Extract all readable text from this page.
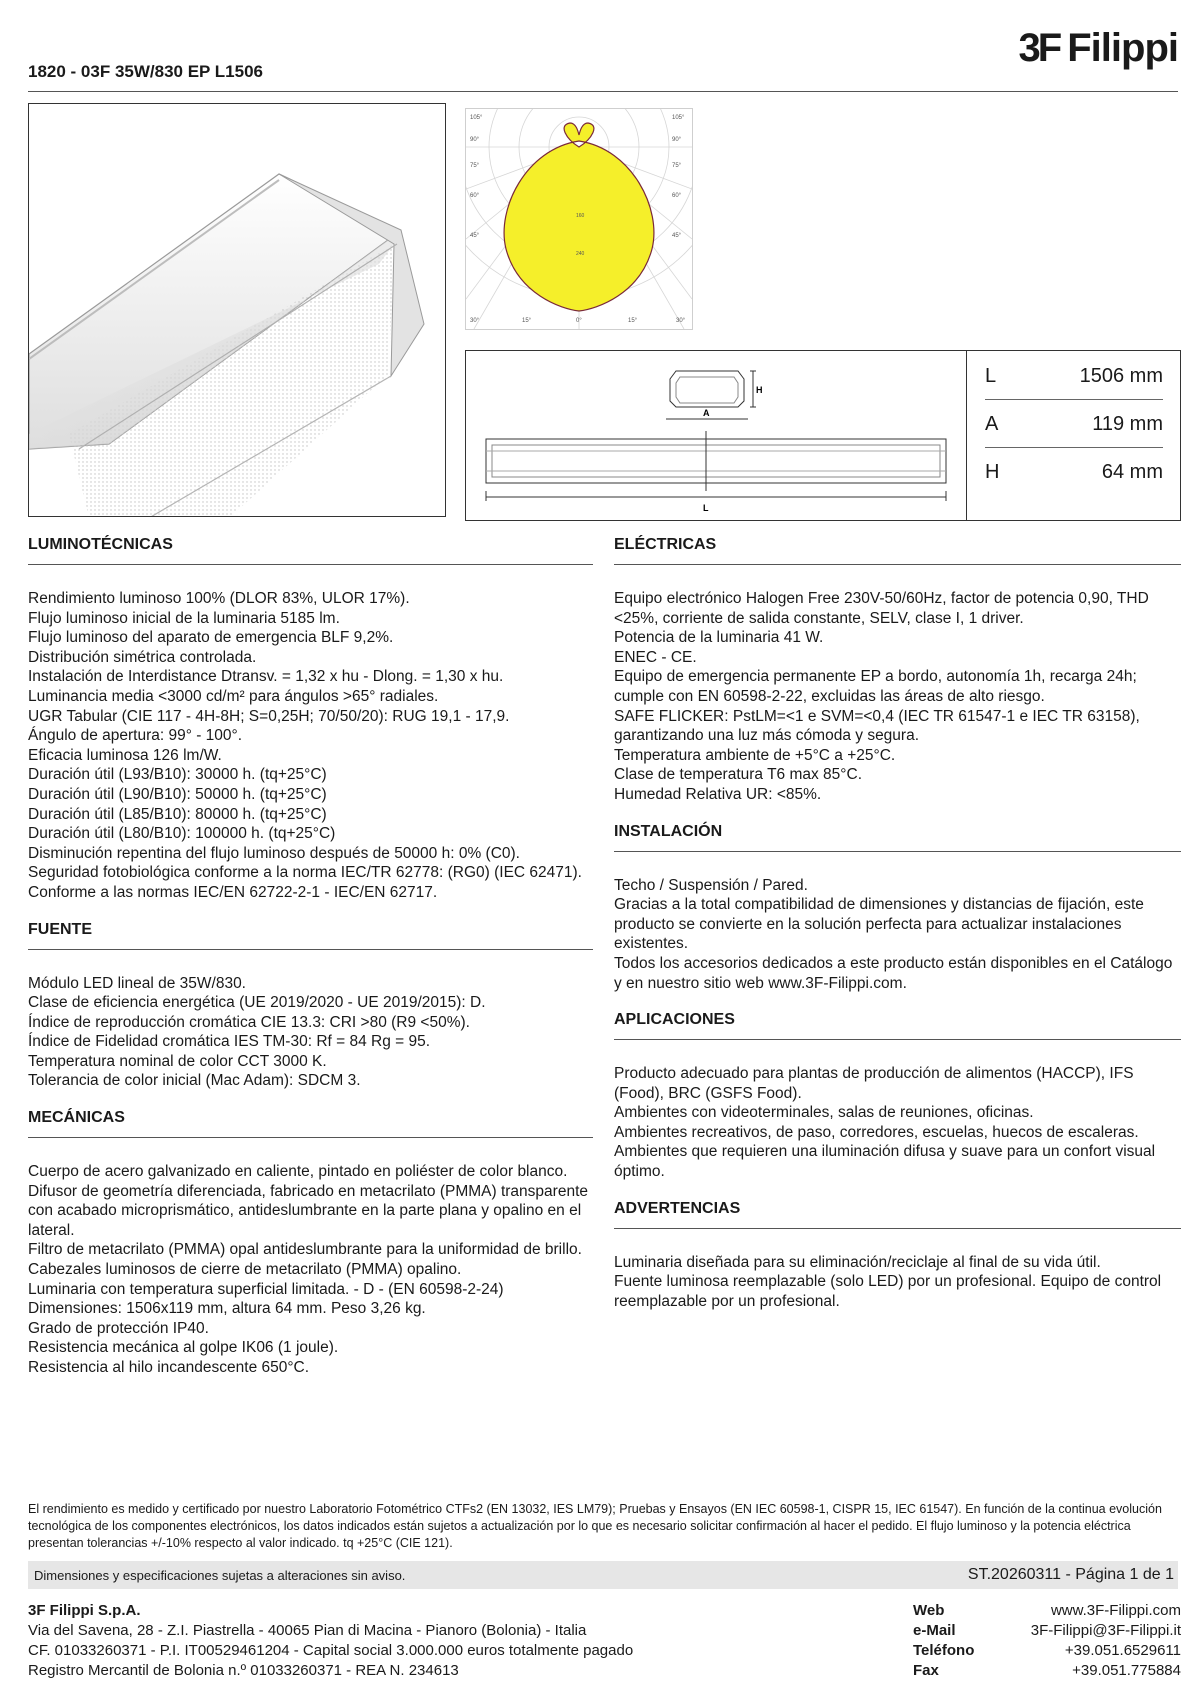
1820 - 03F 35W/830 EP L1506
3F Filippi
105°
90°
75°
60°
45°
105°
90°
75°
60°
45°
30°	15°	0°	15°	30°
160
240
H
A
L
L	1506 mm
A	119 mm
H	64 mm
LUMINOTÉCNICAS
Rendimiento luminoso 100% (DLOR 83%, ULOR 17%).
Flujo luminoso inicial de la luminaria 5185 lm.
Flujo luminoso del aparato de emergencia BLF 9,2%.
Distribución simétrica controlada.
Instalación de Interdistance Dtransv. = 1,32 x hu - Dlong. = 1,30 x hu.
Luminancia media <3000 cd/m² para ángulos >65° radiales.
UGR Tabular (CIE 117 - 4H-8H; S=0,25H; 70/50/20): RUG 19,1 - 17,9.
Ángulo de apertura: 99° - 100°.
Eficacia luminosa 126 lm/W.
Duración útil (L93/B10): 30000 h. (tq+25°C)
Duración útil (L90/B10): 50000 h. (tq+25°C)
Duración útil (L85/B10): 80000 h. (tq+25°C)
Duración útil (L80/B10): 100000 h. (tq+25°C)
Disminución repentina del flujo luminoso después de 50000 h: 0% (C0).
Seguridad fotobiológica conforme a la norma IEC/TR 62778: (RG0) (IEC 62471).
Conforme a las normas IEC/EN 62722-2-1 - IEC/EN 62717.
FUENTE
Módulo LED lineal de 35W/830.
Clase de eficiencia energética (UE 2019/2020 - UE 2019/2015): D.
Índice de reproducción cromática CIE 13.3: CRI >80 (R9 <50%).
Índice de Fidelidad cromática IES TM-30: Rf = 84 Rg = 95.
Temperatura nominal de color CCT 3000 K.
Tolerancia de color inicial (Mac Adam): SDCM 3.
MECÁNICAS
Cuerpo de acero galvanizado en caliente, pintado en poliéster de color blanco.
Difusor de geometría diferenciada, fabricado en metacrilato (PMMA) transparente con acabado microprismático, antideslumbrante en la parte plana y opalino en el lateral.
Filtro de metacrilato (PMMA) opal antideslumbrante para la uniformidad de brillo.
Cabezales luminosos de cierre de metacrilato (PMMA) opalino.
Luminaria con temperatura superficial limitada. - D - (EN 60598-2-24)
Dimensiones: 1506x119 mm, altura 64 mm. Peso 3,26 kg.
Grado de protección IP40.
Resistencia mecánica al golpe IK06 (1 joule).
Resistencia al hilo incandescente 650°C.
ELÉCTRICAS
Equipo electrónico Halogen Free 230V-50/60Hz, factor de potencia 0,90, THD <25%, corriente de salida constante, SELV, clase I, 1 driver.
Potencia de la luminaria 41 W.
ENEC - CE.
Equipo de emergencia permanente EP a bordo, autonomía 1h, recarga 24h; cumple con EN 60598-2-22, excluidas las áreas de alto riesgo.
SAFE FLICKER: PstLM=<1 e SVM=<0,4 (IEC TR 61547-1 e IEC TR 63158), garantizando una luz más cómoda y segura.
Temperatura ambiente de +5°C a +25°C.
Clase de temperatura T6 max 85°C.
Humedad Relativa UR: <85%.
INSTALACIÓN
Techo / Suspensión / Pared.
Gracias a la total compatibilidad de dimensiones y distancias de fijación, este producto se convierte en la solución perfecta para actualizar instalaciones existentes.
Todos los accesorios dedicados a este producto están disponibles en el Catálogo y en nuestro sitio web www.3F-Filippi.com.
APLICACIONES
Producto adecuado para plantas de producción de alimentos (HACCP), IFS (Food), BRC (GSFS Food).
Ambientes con videoterminales, salas de reuniones, oficinas.
Ambientes recreativos, de paso, corredores, escuelas, huecos de escaleras.
Ambientes que requieren una iluminación difusa y suave para un confort visual óptimo.
ADVERTENCIAS
Luminaria diseñada para su eliminación/reciclaje al final de su vida útil.
Fuente luminosa reemplazable (solo LED) por un profesional. Equipo de control reemplazable por un profesional.
El rendimiento es medido y certificado por nuestro Laboratorio Fotométrico CTFs2 (EN 13032, IES LM79); Pruebas y Ensayos (EN IEC 60598-1, CISPR 15, IEC 61547). En función de la continua evolución tecnológica de los componentes electrónicos, los datos indicados están sujetos a actualización por lo que es necesario solicitar confirmación al hacer el pedido. El flujo luminoso y la potencia eléctrica presentan tolerancias +/-10% respecto al valor indicado. tq +25°C (CIE 121).
Dimensiones y especificaciones sujetas a alteraciones sin aviso.	ST.20260311 - Página 1 de 1
3F Filippi S.p.A.
Via del Savena, 28 - Z.I. Piastrella - 40065 Pian di Macina - Pianoro (Bolonia) - Italia
CF. 01033260371 - P.I. IT00529461204 - Capital social 3.000.000 euros totalmente pagado
Registro Mercantil de Bolonia n.º 01033260371 - REA N. 234613
Web	www.3F-Filippi.com
e-Mail	3F-Filippi@3F-Filippi.it
Teléfono	+39.051.6529611
Fax	+39.051.775884
